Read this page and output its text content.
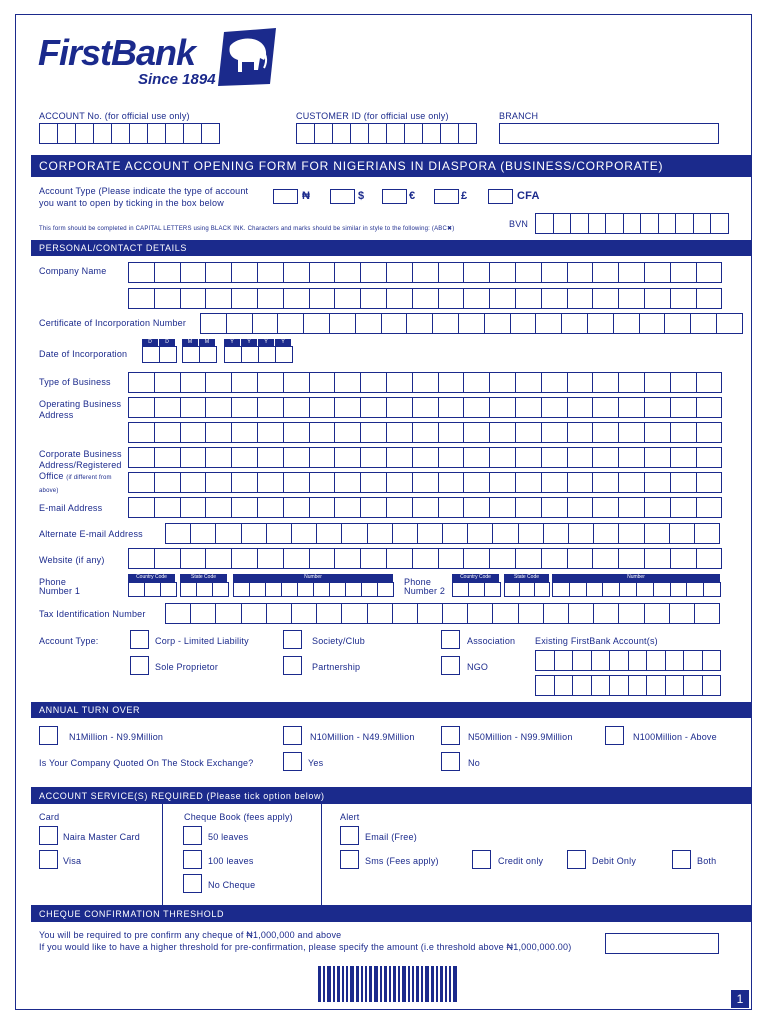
FirstBank
Since 1894
ACCOUNT No. (for official use only)	CUSTOMER ID (for official use only)	BRANCH
CORPORATE ACCOUNT OPENING FORM FOR NIGERIANS IN DIASPORA (BUSINESS/CORPORATE)
Account Type (Please indicate the type of account you want to open by ticking in the box below
₦	$	€	£	CFA
This form should be completed in CAPITAL LETTERS using BLACK INK. Characters and marks should be similar in style to the following: (ABC✖)	BVN
PERSONAL/CONTACT DETAILS
Company Name
Certificate of Incorporation Number
Date of Incorporation
D	D	M	M	Y	Y	Y	Y
Type of Business
Operating Business Address
Corporate Business Address/Registered Office (if different from above)
E-mail Address
Alternate E-mail Address
Website (if any)
Phone Number 1
Country Code	State Code	Number	Phone Number 2
Country Code	State Code	Number
Tax Identification Number
Account Type:	Corp - Limited Liability	Society/Club	Association
Sole Proprietor	Partnership	NGO
Existing FirstBank Account(s)
ANNUAL TURN OVER
N1Million - N9.9Million	N10Million - N49.9Million	N50Million - N99.9Million	N100Million - Above
Is Your Company Quoted On The Stock Exchange?	Yes	No
ACCOUNT SERVICE(S) REQUIRED (Please tick option below)
Card
Naira Master Card
Visa
Cheque Book (fees apply)
50 leaves
100 leaves
No Cheque
Alert
Email (Free)
Sms (Fees apply)	Credit only	Debit Only	Both
CHEQUE CONFIRMATION THRESHOLD
You will be required to pre confirm any cheque of ₦1,000,000 and above
If you would like to have a higher threshold for pre-confirmation, please specify the amount (i.e threshold above ₦1,000,000.00)
1
